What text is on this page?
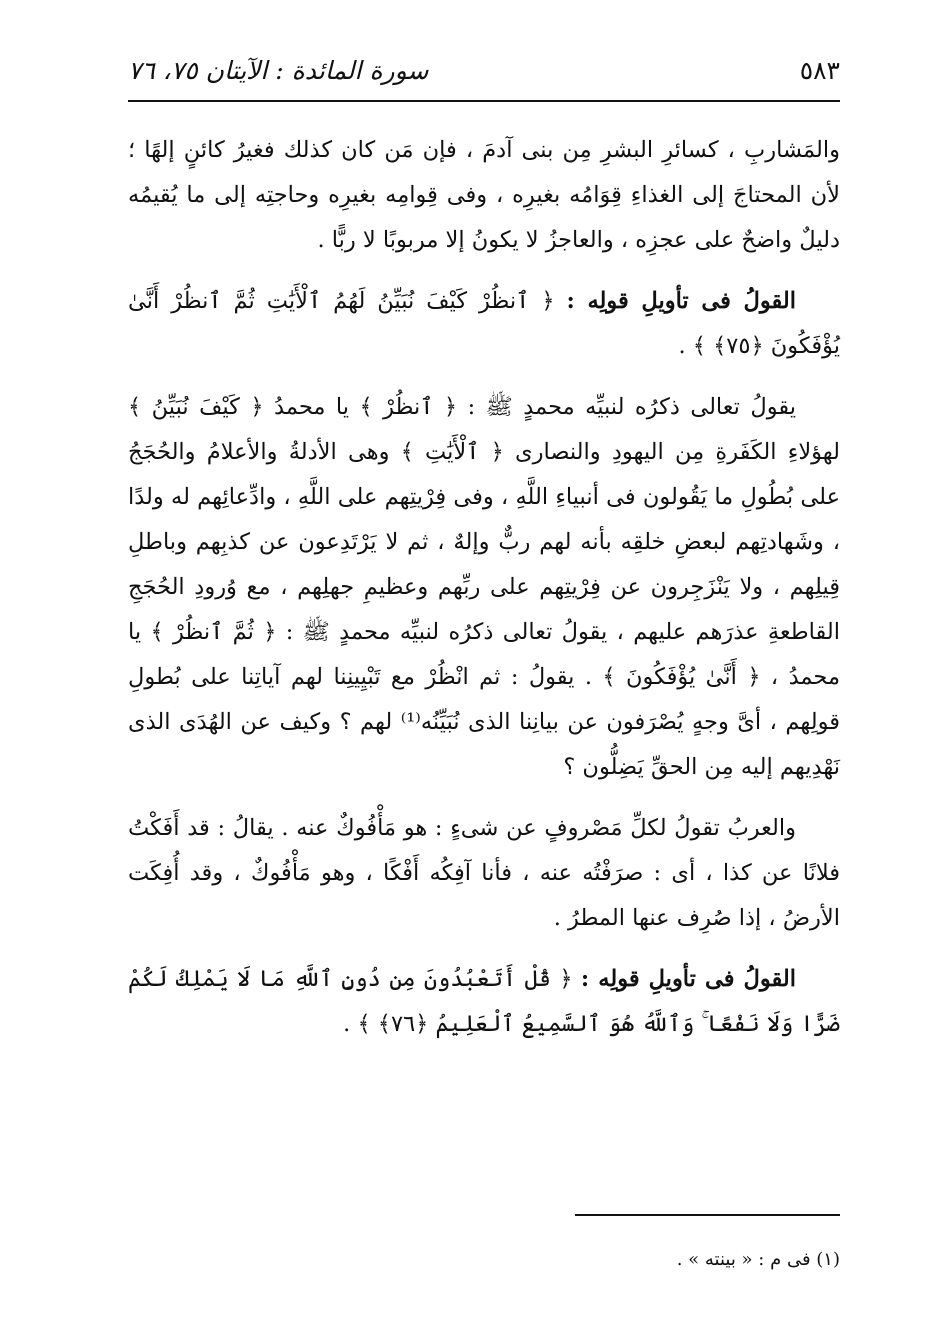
٥٨٣
سورة المائدة : الآيتان ٧٥، ٧٦

والمَشاربِ ، كسائرِ البشرِ مِن بنى آدمَ ، فإن مَن كان كذلك فغيرُ كائنٍ إلهًا ؛ لأن المحتاجَ إلى الغذاءِ قِوَامُه بغيرِه ، وفى قِوامِه بغيرِه وحاجتِه إلى ما يُقيمُه دليلٌ واضحٌ على عجزِه ، والعاجزُ لا يكونُ إلا مربوبًا لا ربًّا .

القولُ فى تأويلِ قولِه : ﴿ ٱنظُرْ كَيْفَ نُبَيِّنُ لَهُمُ ٱلْأَيَٰتِ ثُمَّ ٱنظُرْ أَنَّىٰ يُؤْفَكُونَ ﴿٧٥﴾ ﴾ .

يقولُ تعالى ذكرُه لنبيِّه محمدٍ ﷺ : ﴿ ٱنظُرْ ﴾ يا محمدُ ﴿ كَيْفَ نُبَيِّنُ ﴾ لهؤلاءِ الكَفَرةِ مِن اليهودِ والنصارى ﴿ ٱلْأَيَٰتِ ﴾ وهى الأدلةُ والأعلامُ والحُجَجُ على بُطُولِ ما يَقُولون فى أنبياءِ اللَّهِ ، وفى فِرْيتِهم على اللَّهِ ، وادِّعائِهم له ولدًا ، وشَهادتِهم لبعضِ خلقِه بأنه لهم ربٌّ وإلهٌ ، ثم لا يَرْتَدِعون عن كذبِهم وباطلِ قِيلِهم ، ولا يَنْزَجِرون عن فِرْيتِهم على ربِّهم وعظيمِ جهلِهم ، مع وُرودِ الحُجَجِ القاطعةِ عذرَهم عليهم ، يقولُ تعالى ذكرُه لنبيِّه محمدٍ ﷺ : ﴿ ثُمَّ ٱنظُرْ ﴾ يا محمدُ ، ﴿ أَنَّىٰ يُؤْفَكُونَ ﴾ . يقولُ : ثم انْظُرْ مع تَبْيِينِنا لهم آياتِنا على بُطولِ قولِهم ، أىَّ وجهٍ يُصْرَفون عن بيانِنا الذى نُبَيِّنُه⁽¹⁾ لهم ؟ وكيف عن الهُدَى الذى نَهْدِيهم إليه مِن الحقِّ يَضِلُّون ؟

والعربُ تقولُ لكلِّ مَصْروفٍ عن شىءٍ : هو مَأْفُوكٌ عنه . يقالُ : قد أَفَكْتُ فلانًا عن كذا ، أى : صرَفْتُه عنه ، فأنا آفِكُه أَفْكًا ، وهو مَأْفُوكٌ ، وقد أُفِكَت الأرضُ ، إذا صُرِف عنها المطرُ .

القولُ فى تأويلِ قولِه : ﴿ قُلْ أَتَعْبُدُونَ مِن دُونِ ٱللَّهِ مَا لَا يَمْلِكُ لَكُمْ ضَرًّا وَلَا نَفْعًا ۚ وَٱللَّهُ هُوَ ٱلسَّمِيعُ ٱلْعَلِيمُ ﴿٧٦﴾ ﴾ .

(١) فى م : « بينته » .
